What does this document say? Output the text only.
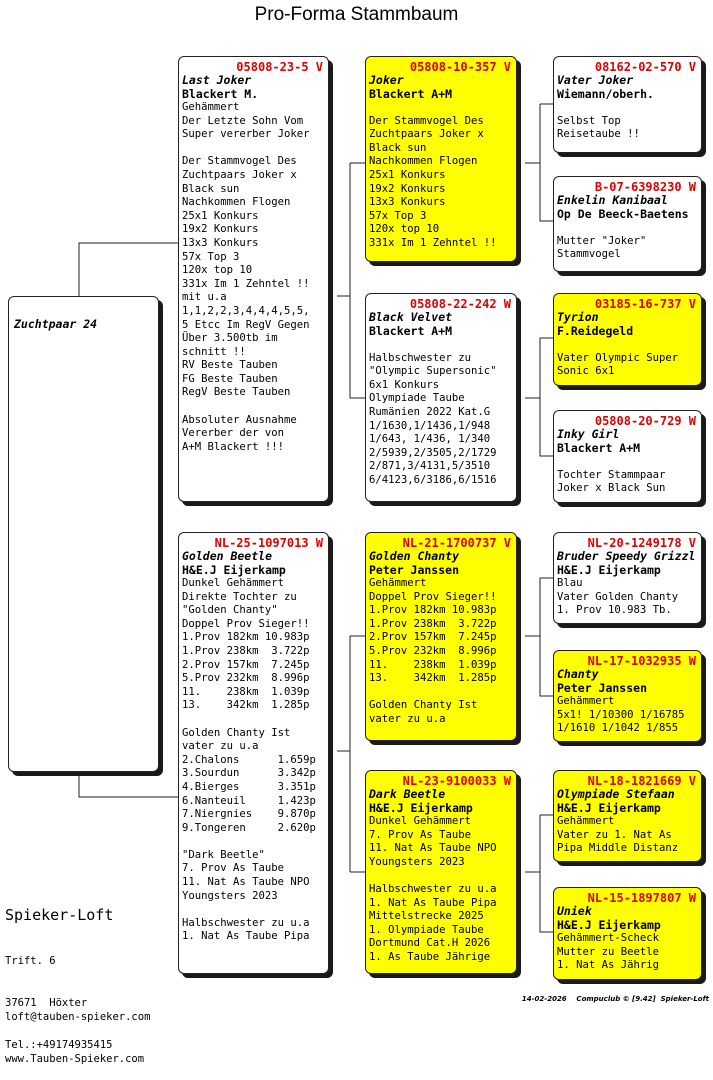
Pro-Forma Stammbaum
Zuchtpaar 24
05808-23-5 V
Last Joker
Blackert M.
Gehämmert
Der Letzte Sohn Vom
Super vererber Joker
Der Stammvogel Des
Zuchtpaars Joker x
Black sun
Nachkommen Flogen
25x1 Konkurs
19x2 Konkurs
13x3 Konkurs
57x Top 3
120x top 10
331x Im 1 Zehntel !!
mit u.a
1,1,2,2,3,4,4,4,5,5,
5 Etcc Im RegV Gegen
Über 3.500tb im
schnitt !!
RV Beste Tauben
FG Beste Tauben
RegV Beste Tauben
Absoluter Ausnahme
Vererber der von
A+M Blackert !!!
NL-25-1097013 W
Golden Beetle
H&E.J Eijerkamp
Dunkel Gehämmert
Direkte Tochter zu
"Golden Chanty"
Doppel Prov Sieger!!
1.Prov 182km 10.983p
1.Prov 238km  3.722p
2.Prov 157km  7.245p
5.Prov 232km  8.996p
11.    238km  1.039p
13.    342km  1.285p
Golden Chanty Ist
vater zu u.a
2.Chalons      1.659p
3.Sourdun      3.342p
4.Bierges      3.351p
6.Nanteuil     1.423p
7.Niergnies    9.870p
9.Tongeren     2.620p
"Dark Beetle"
7. Prov As Taube
11. Nat As Taube NPO
Youngsters 2023
Halbschwester zu u.a
1. Nat As Taube Pipa
05808-10-357 V
Joker
Blackert A+M
Der Stammvogel Des
Zuchtpaars Joker x
Black sun
Nachkommen Flogen
25x1 Konkurs
19x2 Konkurs
13x3 Konkurs
57x Top 3
120x top 10
331x Im 1 Zehntel !!
05808-22-242 W
Black Velvet
Blackert A+M
Halbschwester zu
"Olympic Supersonic"
6x1 Konkurs
Olympiade Taube
Rumänien 2022 Kat.G
1/1630,1/1436,1/948
1/643, 1/436, 1/340
2/5939,2/3505,2/1729
2/871,3/4131,5/3510
6/4123,6/3186,6/1516
NL-21-1700737 V
Golden Chanty
Peter Janssen
Gehämmert
Doppel Prov Sieger!!
1.Prov 182km 10.983p
1.Prov 238km  3.722p
2.Prov 157km  7.245p
5.Prov 232km  8.996p
11.    238km  1.039p
13.    342km  1.285p
Golden Chanty Ist
vater zu u.a
NL-23-9100033 W
Dark Beetle
H&E.J Eijerkamp
Dunkel Gehämmert
7. Prov As Taube
11. Nat As Taube NPO
Youngsters 2023
Halbschwester zu u.a
1. Nat As Taube Pipa
Mittelstrecke 2025
1. Olympiade Taube
Dortmund Cat.H 2026
1. As Taube Jährige
08162-02-570 V
Vater Joker
Wiemann/oberh.
Selbst Top
Reisetaube !!
B-07-6398230 W
Enkelin Kanibaal
Op De Beeck-Baetens
Mutter "Joker"
Stammvogel
03185-16-737 V
Tyrion
F.Reidegeld
Vater Olympic Super
Sonic 6x1
05808-20-729 W
Inky Girl
Blackert A+M
Tochter Stammpaar
Joker x Black Sun
NL-20-1249178 V
Bruder Speedy Grizzl
H&E.J Eijerkamp
Blau
Vater Golden Chanty
1. Prov 10.983 Tb.
NL-17-1032935 W
Chanty
Peter Janssen
Gehämmert
5x1! 1/10300 1/16785
1/1610 1/1042 1/855
NL-18-1821669 V
Olympiade Stefaan
H&E.J Eijerkamp
Gehämmert
Vater zu 1. Nat As
Pipa Middle Distanz
NL-15-1897807 W
Uniek
H&E.J Eijerkamp
Gehämmert-Scheck
Mutter zu Beetle
1. Nat As Jährig
Spieker-Loft

Trift. 6

37671  Höxter

Tel.:+49174935415

loft@tauben-spieker.com

www.Tauben-Spieker.com

14-02-2026    Compuclub © [9.42]  Spieker-Loft
